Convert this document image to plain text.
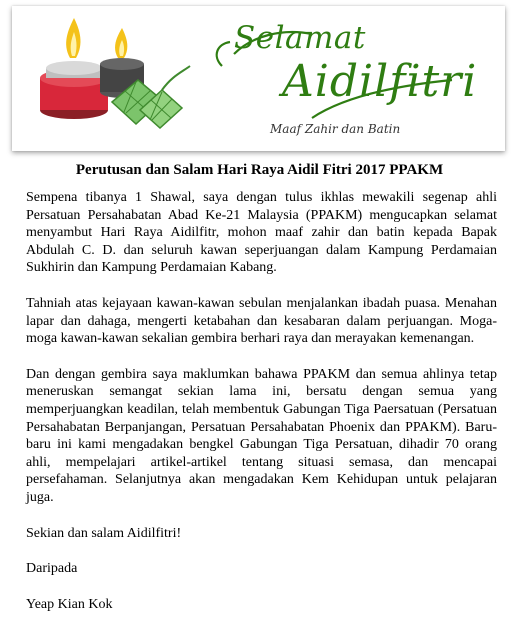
Selamat
Aidilfitri
Maaf Zahir dan Batin
Perutusan dan Salam Hari Raya Aidil Fitri 2017 PPAKM

Sempena tibanya 1 Shawal, saya dengan tulus ikhlas mewakili segenap ahli Persatuan Persahabatan Abad Ke-21 Malaysia (PPAKM) mengucapkan selamat menyambut Hari Raya Aidilfitr, mohon maaf zahir dan batin kepada Bapak Abdulah C. D. dan seluruh kawan seperjuangan dalam Kampung Perdamaian Sukhirin dan Kampung Perdamaian Kabang.

Tahniah atas kejayaan kawan-kawan sebulan menjalankan ibadah puasa. Menahan lapar dan dahaga, mengerti ketabahan dan kesabaran dalam perjuangan. Moga-moga kawan-kawan sekalian gembira berhari raya dan merayakan kemenangan.

Dan dengan gembira saya maklumkan bahawa PPAKM dan semua ahlinya tetap meneruskan semangat sekian lama ini, bersatu dengan semua yang memperjuangkan keadilan, telah membentuk Gabungan Tiga Paersatuan (Persatuan Persahabatan Berpanjangan, Persatuan Persahabatan Phoenix dan PPAKM). Baru-baru ini kami mengadakan bengkel Gabungan Tiga Persatuan, dihadir 70 orang ahli, mempelajari artikel-artikel tentang situasi semasa, dan mencapai persefahaman. Selanjutnya akan mengadakan Kem Kehidupan untuk pelajaran juga.

Sekian dan salam Aidilfitri!

Daripada

Yeap Kian Kok
